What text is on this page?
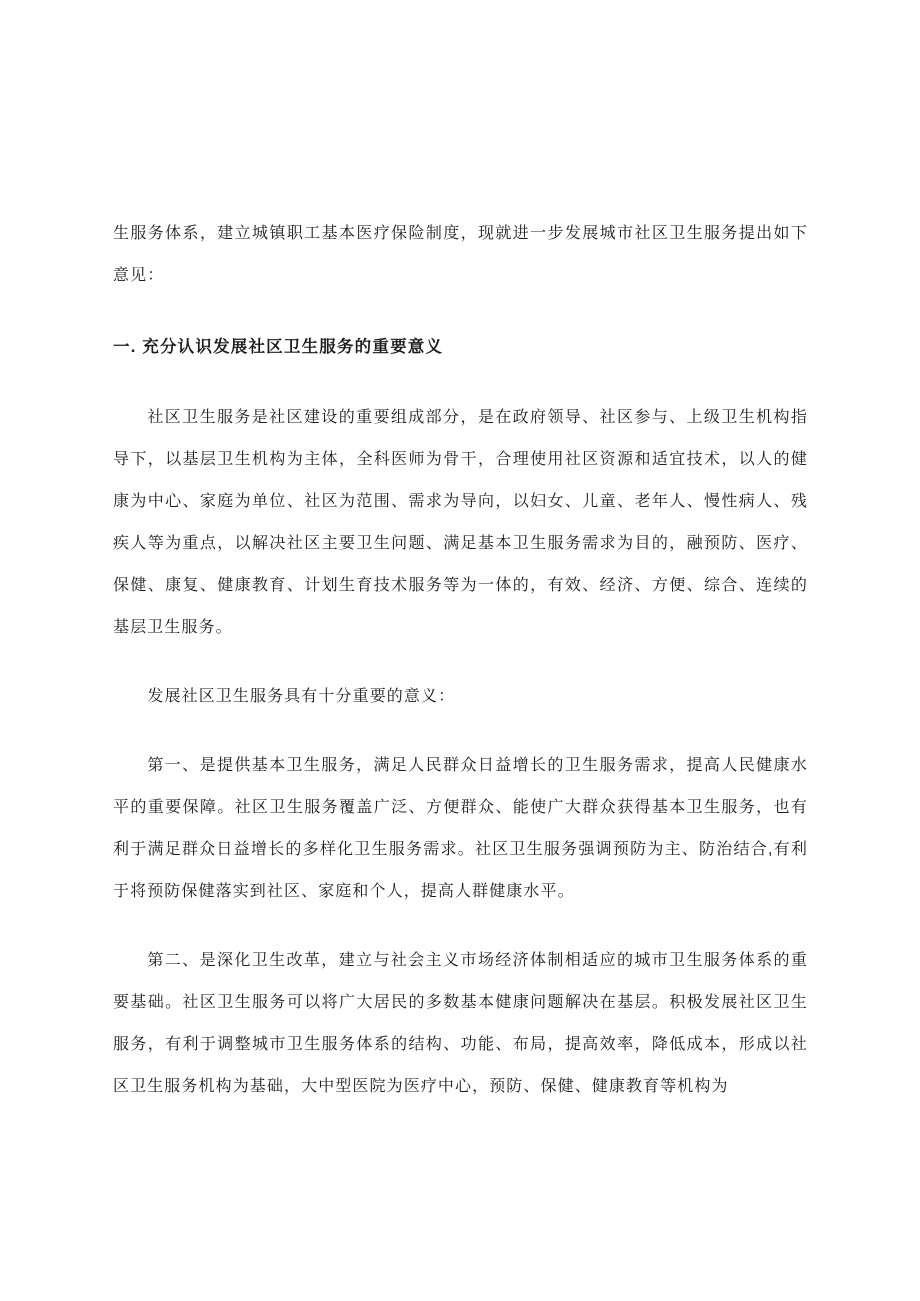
生服务体系，建立城镇职工基本医疗保险制度，现就进一步发展城市社区卫生服务提出如下意见：

一. 充分认识发展社区卫生服务的重要意义

社区卫生服务是社区建设的重要组成部分，是在政府领导、社区参与、上级卫生机构指导下，以基层卫生机构为主体，全科医师为骨干，合理使用社区资源和适宜技术，以人的健康为中心、家庭为单位、社区为范围、需求为导向，以妇女、儿童、老年人、慢性病人、残疾人等为重点，以解决社区主要卫生问题、满足基本卫生服务需求为目的，融预防、医疗、保健、康复、健康教育、计划生育技术服务等为一体的，有效、经济、方便、综合、连续的基层卫生服务。

发展社区卫生服务具有十分重要的意义：

第一、是提供基本卫生服务，满足人民群众日益增长的卫生服务需求，提高人民健康水平的重要保障。社区卫生服务覆盖广泛、方便群众、能使广大群众获得基本卫生服务，也有利于满足群众日益增长的多样化卫生服务需求。社区卫生服务强调预防为主、防治结合,有利于将预防保健落实到社区、家庭和个人，提高人群健康水平。

第二、是深化卫生改革，建立与社会主义市场经济体制相适应的城市卫生服务体系的重要基础。社区卫生服务可以将广大居民的多数基本健康问题解决在基层。积极发展社区卫生服务，有利于调整城市卫生服务体系的结构、功能、布局，提高效率，降低成本，形成以社区卫生服务机构为基础，大中型医院为医疗中心，预防、保健、健康教育等机构为
